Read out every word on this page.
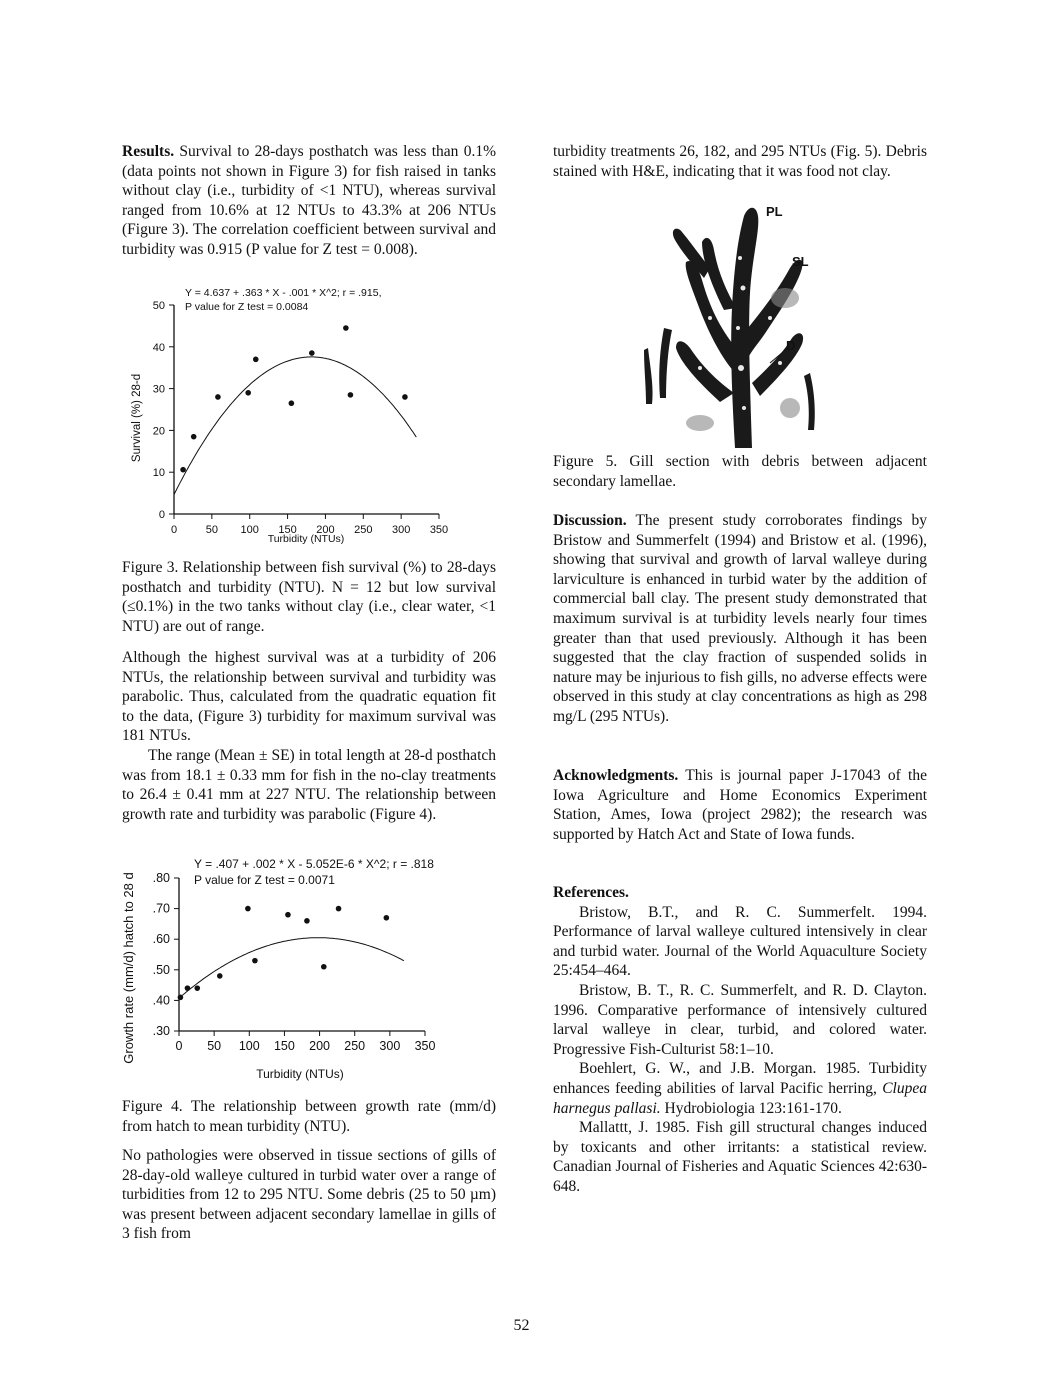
Results. Survival to 28-days posthatch was less than 0.1% (data points not shown in Figure 3) for fish raised in tanks without clay (i.e., turbidity of <1 NTU), whereas survival ranged from 10.6% at 12 NTUs to 43.3% at 206 NTUs (Figure 3). The correlation coefficient between survival and turbidity was 0.915 (P value for Z test = 0.008).

Y = 4.637 + .363 * X - .001 * X^2; r = .915,
P value for Z test = 0.0084
0
10
20
30
40
50
0	50 100 150 200 250 300 350
Survival (%) 28-d
Turbidity (NTUs)

Figure 3. Relationship between fish survival (%) to 28-days posthatch and turbidity (NTU). N = 12 but low survival (≤0.1%) in the two tanks without clay (i.e., clear water, <1 NTU) are out of range.

Although the highest survival was at a turbidity of 206 NTUs, the relationship between survival and turbidity was parabolic. Thus, calculated from the quadratic equation fit to the data, (Figure 3) turbidity for maximum survival was 181 NTUs.

The range (Mean ± SE) in total length at 28-d posthatch was from 18.1 ± 0.33 mm for fish in the no-clay treatments to 26.4 ± 0.41 mm at 227 NTU. The relationship between growth rate and turbidity was parabolic (Figure 4).

Y = .407 + .002 * X - 5.052E-6 * X^2; r = .818
P value for Z test = 0.0071
.30
.40
.50
.60
.70
.80
0 50 100 150 200 250 300 350
Growth rate (mm/d) hatch to 28 d
Turbidity (NTUs)

Figure 4. The relationship between growth rate (mm/d) from hatch to mean turbidity (NTU).

No pathologies were observed in tissue sections of gills of 28-day-old walleye cultured in turbid water over a range of turbidities from 12 to 295 NTU. Some debris (25 to 50 µm) was present between adjacent secondary lamellae in gills of 3 fish from

turbidity treatments 26, 182, and 295 NTUs (Fig. 5). Debris stained with H&E, indicating that it was food not clay.

PL
SL
D

Figure 5. Gill section with debris between adjacent secondary lamellae.

Discussion. The present study corroborates findings by Bristow and Summerfelt (1994) and Bristow et al. (1996), showing that survival and growth of larval walleye during larviculture is enhanced in turbid water by the addition of commercial ball clay. The present study demonstrated that maximum survival is at turbidity levels nearly four times greater than that used previously. Although it has been suggested that the clay fraction of suspended solids in nature may be injurious to fish gills, no adverse effects were observed in this study at clay concentrations as high as 298 mg/L (295 NTUs).

Acknowledgments. This is journal paper J-17043 of the Iowa Agriculture and Home Economics Experiment Station, Ames, Iowa (project 2982); the research was supported by Hatch Act and State of Iowa funds.

References.

Bristow, B.T., and R. C. Summerfelt. 1994. Performance of larval walleye cultured intensively in clear and turbid water. Journal of the World Aquaculture Society 25:454–464.

Bristow, B. T., R. C. Summerfelt, and R. D. Clayton. 1996. Comparative performance of intensively cultured larval walleye in clear, turbid, and colored water. Progressive Fish-Culturist 58:1–10.

Boehlert, G. W., and J.B. Morgan. 1985. Turbidity enhances feeding abilities of larval Pacific herring, Clupea harnegus pallasi. Hydrobiologia 123:161-170.

Mallattt, J. 1985. Fish gill structural changes induced by toxicants and other irritants: a statistical review. Canadian Journal of Fisheries and Aquatic Sciences 42:630-648.

52
